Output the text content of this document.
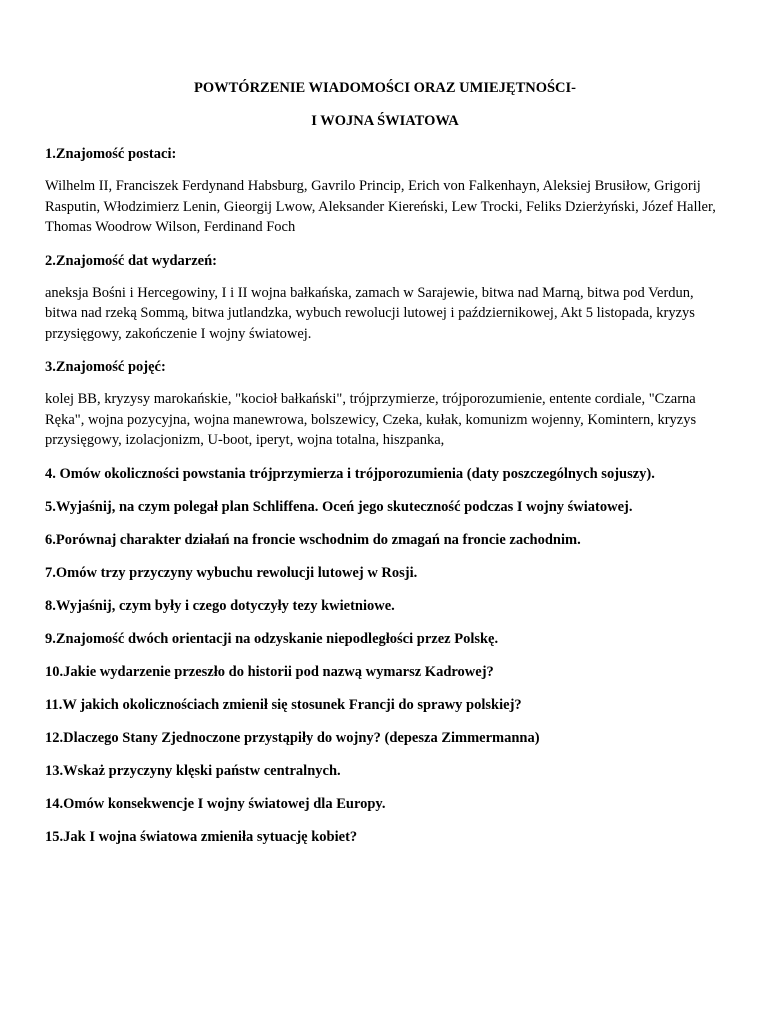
POWTÓRZENIE WIADOMOŚCI ORAZ UMIEJĘTNOŚCI-

I WOJNA ŚWIATOWA

1.Znajomość postaci:

Wilhelm II, Franciszek Ferdynand Habsburg, Gavrilo Princip, Erich von Falkenhayn, Aleksiej Brusiłow, Grigorij Rasputin, Włodzimierz Lenin, Gieorgij Lwow, Aleksander Kiereński, Lew Trocki, Feliks Dzierżyński, Józef Haller, Thomas Woodrow Wilson, Ferdinand Foch

2.Znajomość dat wydarzeń:

aneksja Bośni i Hercegowiny, I i II wojna bałkańska, zamach w Sarajewie, bitwa nad Marną, bitwa pod Verdun, bitwa nad rzeką Sommą, bitwa jutlandzka, wybuch rewolucji lutowej i październikowej, Akt 5 listopada, kryzys przysięgowy, zakończenie I wojny światowej.

3.Znajomość pojęć:

kolej BB, kryzysy marokańskie, "kocioł bałkański", trójprzymierze, trójporozumienie, entente cordiale, "Czarna Ręka", wojna pozycyjna, wojna manewrowa, bolszewicy, Czeka, kułak, komunizm wojenny, Komintern, kryzys przysięgowy, izolacjonizm, U-boot, iperyt, wojna totalna, hiszpanka,

4. Omów okoliczności powstania trójprzymierza i trójporozumienia (daty poszczególnych sojuszy).

5.Wyjaśnij, na czym polegał plan Schliffena. Oceń jego skuteczność podczas I wojny światowej.

6.Porównaj charakter działań na froncie wschodnim do zmagań na froncie zachodnim.

7.Omów trzy przyczyny wybuchu rewolucji lutowej w Rosji.

8.Wyjaśnij, czym były i czego dotyczyły tezy kwietniowe.

9.Znajomość dwóch orientacji na odzyskanie niepodległości przez Polskę.

10.Jakie wydarzenie przeszło do historii pod nazwą wymarsz Kadrowej?

11.W jakich okolicznościach zmienił się stosunek Francji do sprawy polskiej?

12.Dlaczego Stany Zjednoczone przystąpiły do wojny? (depesza Zimmermanna)

13.Wskaż przyczyny klęski państw centralnych.

14.Omów konsekwencje I wojny światowej dla Europy.

15.Jak I wojna światowa zmieniła sytuację kobiet?
